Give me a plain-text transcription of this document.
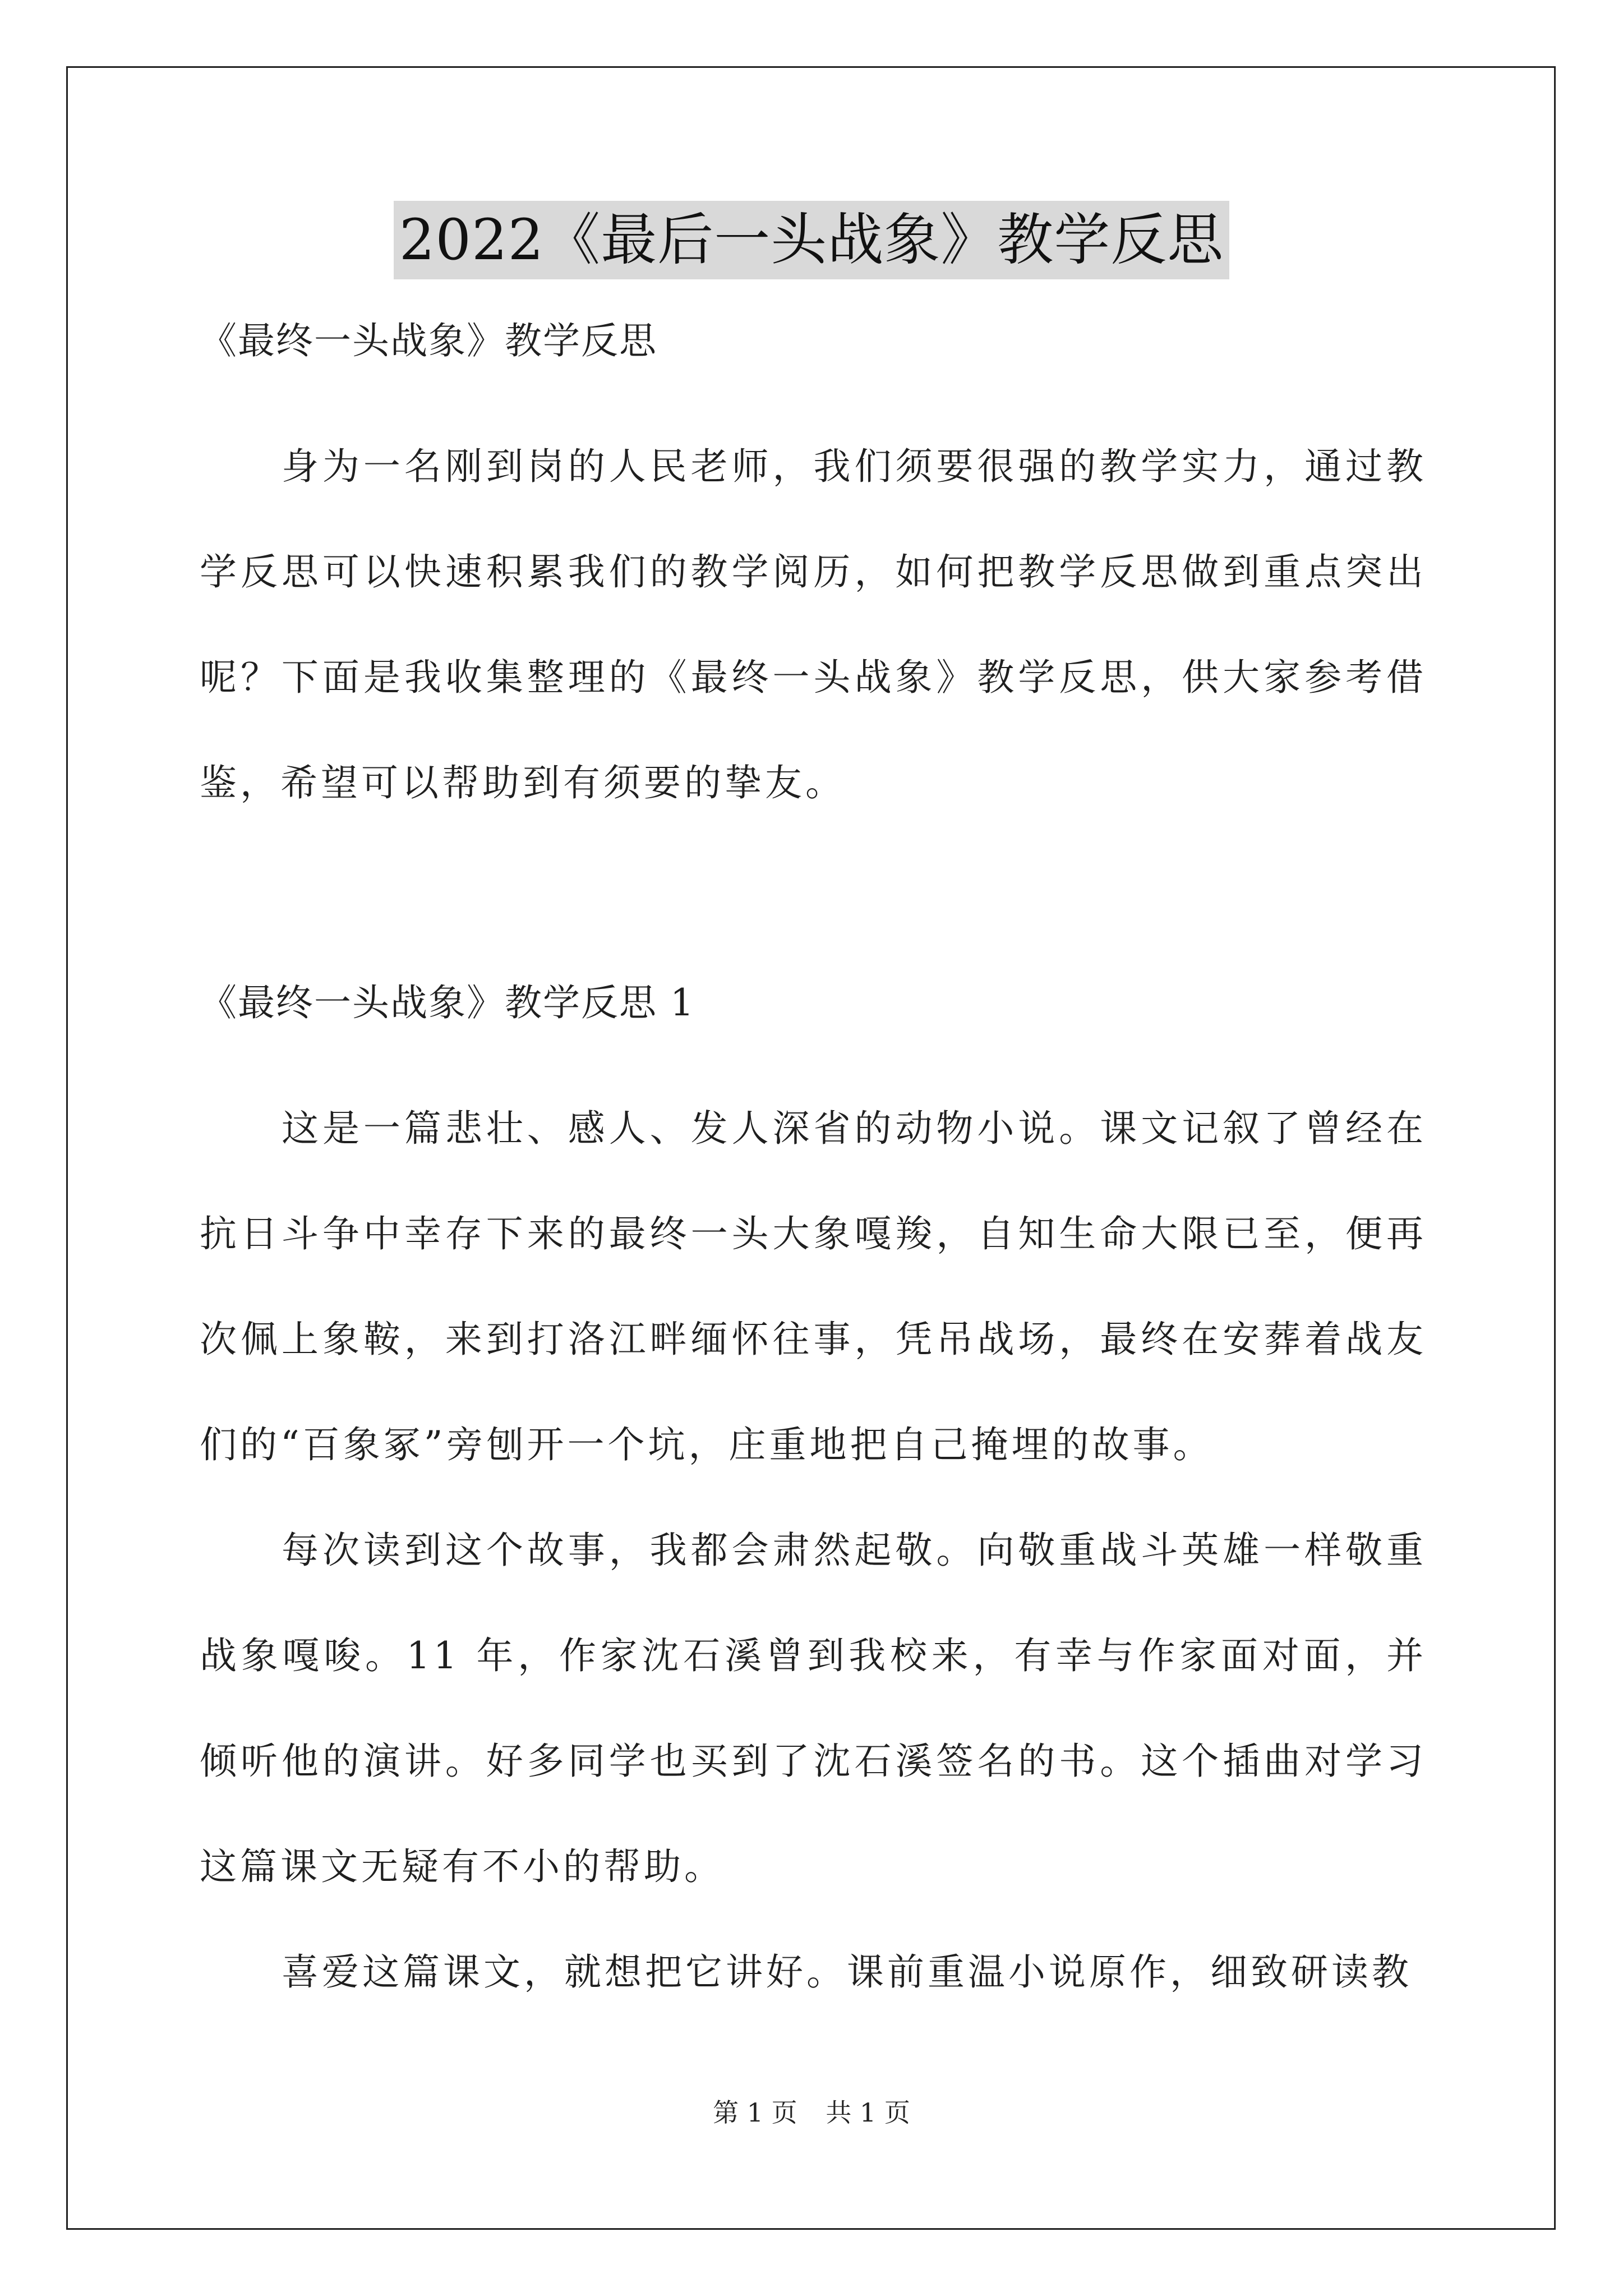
2022《最后一头战象》教学反思

《最终一头战象》教学反思

身为一名刚到岗的人民老师，我们须要很强的教学实力，通过教学反思可以快速积累我们的教学阅历，如何把教学反思做到重点突出呢？下面是我收集整理的《最终一头战象》教学反思，供大家参考借鉴，希望可以帮助到有须要的挚友。

《最终一头战象》教学反思 1

这是一篇悲壮、感人、发人深省的动物小说。课文记叙了曾经在抗日斗争中幸存下来的最终一头大象嘎羧，自知生命大限已至，便再次佩上象鞍，来到打洛江畔缅怀往事，凭吊战场，最终在安葬着战友们的“百象冢”旁刨开一个坑，庄重地把自己掩埋的故事。

每次读到这个故事，我都会肃然起敬。向敬重战斗英雄一样敬重战象嘎唆。11 年，作家沈石溪曾到我校来，有幸与作家面对面，并倾听他的演讲。好多同学也买到了沈石溪签名的书。这个插曲对学习这篇课文无疑有不小的帮助。

喜爱这篇课文，就想把它讲好。课前重温小说原作，细致研读教

第 1 页 共 1 页
